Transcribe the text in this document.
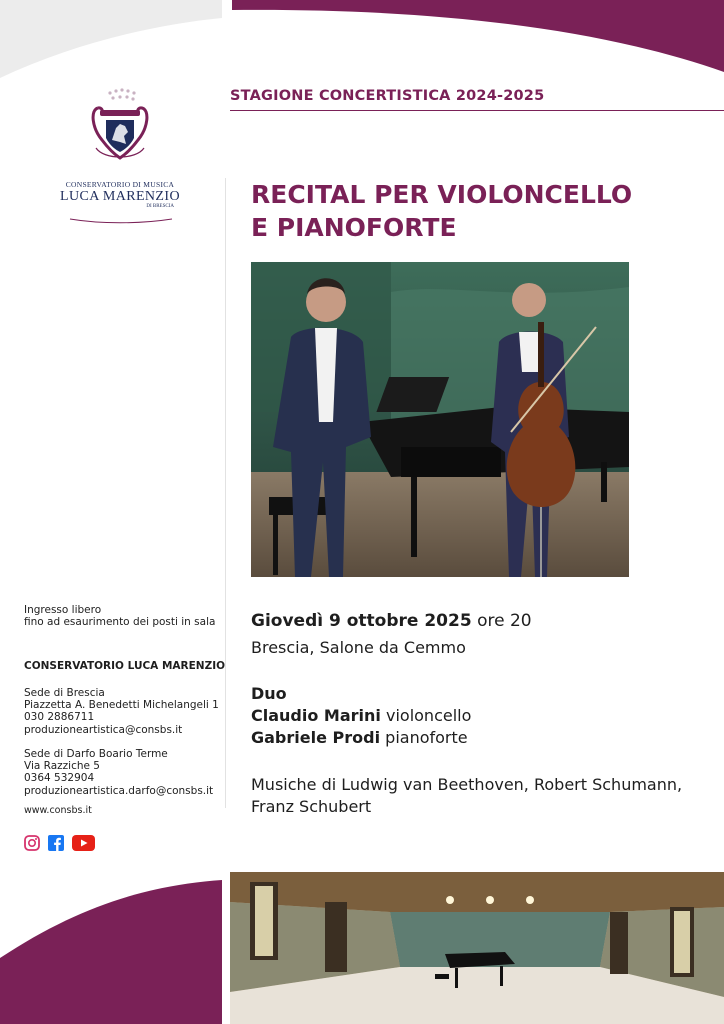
CONSERVATORIO DI MUSICA
LUCA MARENZIO
DI BRESCIA
STAGIONE CONCERTISTICA 2024-2025
RECITAL PER VIOLONCELLO
E PIANOFORTE
Ingresso libero
fino ad esaurimento dei posti in sala
CONSERVATORIO LUCA MARENZIO
Sede di Brescia
Piazzetta A. Benedetti Michelangeli 1
030 2886711
produzioneartistica@consbs.it
Sede di Darfo Boario Terme
Via Razziche 5
0364 532904
produzioneartistica.darfo@consbs.it
www.consbs.it
Giovedì 9 ottobre 2025 ore 20
Brescia, Salone da Cemmo
Duo
Claudio Marini violoncello
Gabriele Prodi pianoforte
Musiche di Ludwig van Beethoven, Robert Schumann,
Franz Schubert
